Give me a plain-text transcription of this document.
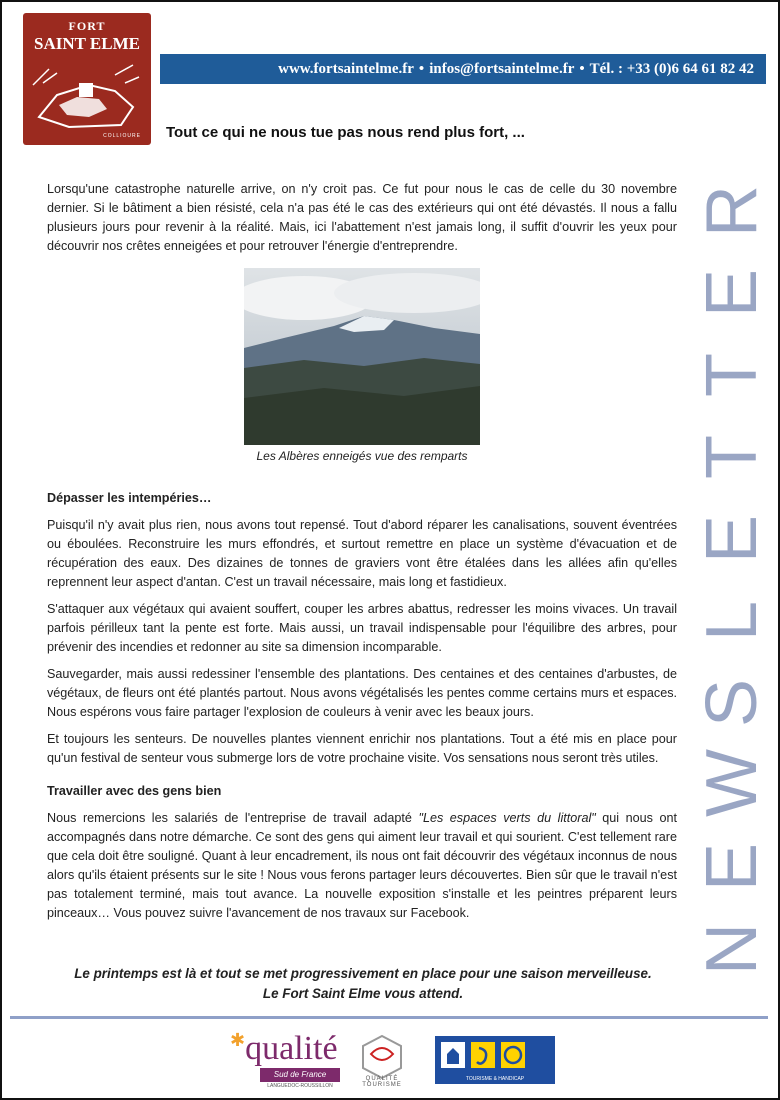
FORT
SAINT ELME
COLLIOURE
www.fortsaintelme.fr • infos@fortsaintelme.fr • Tél. : +33 (0)6 64 61 82 42
Tout ce qui ne nous tue pas nous rend plus fort, ...
N
E
W
S
L
E
T
T
E
R

Lorsqu'une catastrophe naturelle arrive, on n'y croit pas. Ce fut pour nous le cas de celle du 30 novembre dernier. Si le bâtiment a bien résisté, cela n'a pas été le cas des extérieurs qui ont été dévastés. Il nous a fallu plusieurs jours pour revenir à la réalité. Mais, ici l'abattement n'est jamais long, il suffit d'ouvrir les yeux pour découvrir nos crêtes enneigées et pour retrouver l'énergie d'entreprendre.

Dépasser les intempéries…

Puisqu'il n'y avait plus rien, nous avons tout repensé. Tout d'abord réparer les canalisations, souvent éventrées ou éboulées. Reconstruire les murs effondrés, et surtout remettre en place un système d'évacuation et de récupération des eaux. Des dizaines de tonnes de graviers vont être étalées dans les allées afin qu'elles reprennent leur aspect d'antan. C'est un travail nécessaire, mais long et fastidieux.

S'attaquer aux végétaux qui avaient souffert, couper les arbres abattus, redresser les moins vivaces. Un travail parfois périlleux tant la pente est forte. Mais aussi, un travail indispensable pour l'équilibre des arbres, pour prévenir des incendies et redonner au site sa dimension incomparable.

Sauvegarder, mais aussi redessiner l'ensemble des plantations. Des centaines et des centaines d'arbustes, de végétaux, de fleurs ont été plantés partout. Nous avons végétalisés les pentes comme certains murs et espaces. Nous espérons vous faire partager l'explosion de couleurs à venir avec les beaux jours.

Et toujours les senteurs. De nouvelles plantes viennent enrichir nos plantations. Tout a été mis en place pour qu'un festival de senteur vous submerge lors de votre prochaine visite. Vos sensations nous seront très utiles.

Travailler avec des gens bien

Nous remercions les salariés de l'entreprise de travail adapté "Les espaces verts du littoral" qui nous ont accompagnés dans notre démarche. Ce sont des gens qui aiment leur travail et qui sourient. C'est tellement rare que cela doit être souligné. Quant à leur encadrement, ils nous ont fait découvrir des végétaux inconnus de nous alors qu'ils étaient présents sur le site ! Nous vous ferons partager leurs découvertes. Bien sûr que le travail n'est pas totalement terminé, mais tout avance. La nouvelle exposition s'installe et les peintres préparent leurs pinceaux… Vous pouvez suivre l'avancement de nos travaux sur Facebook.

Les Albères enneigés vue des remparts
Le printemps est là et tout se met progressivement en place pour une saison merveilleuse.
Le Fort Saint Elme vous attend.
✱qualité
Sud de France
LANGUEDOC-ROUSSILLON
QUALITÉ TOURISME
TOURISME & HANDICAP
